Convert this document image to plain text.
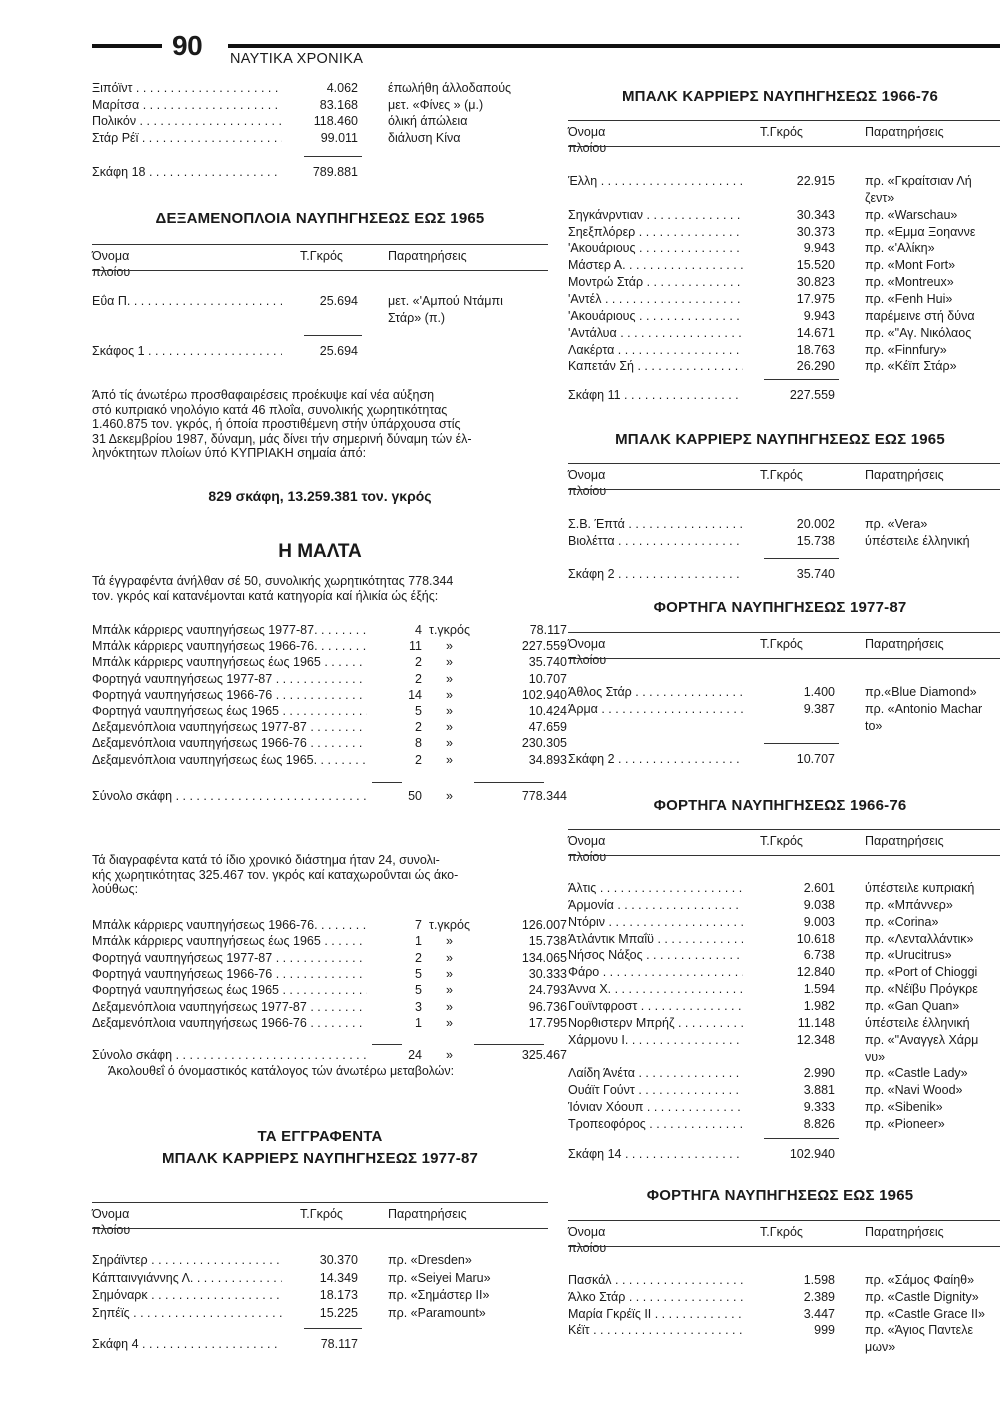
90 ΝΑΥΤΙΚΑ ΧΡΟΝΙΚΑ
Ξιπόϊντ . . .	4.062 έπωλήθη άλλοδαπούς
Μαρίτσα . . .	83.168 μετ. «Φίνες » (μ.)
Πολικόν . . .	118.460 όλική άπώλεια
Στάρ Ρέϊ . . .	99.011 διάλυση Κίνα
Σκάφη 18 . . .	789.881
ΔΕΞΑΜΕΝΟΠΛΟΙΑ ΝΑΥΠΗΓΗΣΕΩΣ ΕΩΣ 1965
Όνομα πλοίου
Τ.Γκρός	Παρατηρήσεις
Εΰα Π. . . .	25.694 μετ. «'Αμπού Ντάμπι
Στάρ» (π.)
Σκάφος 1 . . .	25.694
Άπό τίς άνωτέρω προσθαφαιρέσεις προέκυψε καί νέα αύξηση
στό κυπριακό νηολόγιο κατά 46 πλοΐα, συνολικής χωρητικότητας
1.460.875 τον. γκρός, ή όποία προστιθέμενη στήν ύπάρχουσα στίς
31 Δεκεμβρίου 1987, δύναμη, μάς δίνει τήν σημερινή δύναμη τών έλ-
ληνόκτητων πλοίων ύπό ΚΥΠΡΙΑΚΗ σημαία άπό:
829 σκάφη, 13.259.381 τον. γκρός
Η ΜΑΛΤΑ
Τά έγγραφέντα άνήλθαν σέ 50, συνολικής χωρητικότητας 778.344
τον. γκρός καί κατανέμονται κατά κατηγορία καί ήλικία ώς έξής:
Μπάλκ κάρριερς ναυπηγήσεως 1977-87. . . .	4 τ.γκρός	78.117
Μπάλκ κάρριερς ναυπηγήσεως 1966-76. . . .	11	»	227.559
Μπάλκ κάρριερς ναυπηγήσεως έως 1965 . . .	2	»	35.740
Φορτηγά ναυπηγήσεως 1977-87 . . .	2	»	10.707
Φορτηγά ναυπηγήσεως 1966-76 . . .	14	»	102.940
Φορτηγά ναυπηγήσεως έως 1965 . . .	5	»	10.424
Δεξαμενόπλοια ναυπηγήσεως 1977-87 . . .	2	»	47.659
Δεξαμενόπλοια ναυπηγήσεως 1966-76 . . .	8	»	230.305
Δεξαμενόπλοια ναυπηγήσεως έως 1965. . . .	2	»	34.893
Σύνολο σκάφη . . .	50	»	778.344
Τά διαγραφέντα κατά τό ίδιο χρονικό διάστημα ήταν 24, συνολι-
κής χωρητικότητας 325.467 τον. γκρός καί καταχωροΰνται ώς άκο-
λούθως:
Μπάλκ κάρριερς ναυπηγήσεως 1966-76. . . .	7 τ.γκρός	126.007
Μπάλκ κάρριερς ναυπηγήσεως έως 1965 . . .	1	»	15.738
Φορτηγά ναυπηγήσεως 1977-87 . . .	2	»	134.065
Φορτηγά ναυπηγήσεως 1966-76 . . .	5	»	30.333
Φορτηγά ναυπηγήσεως έως 1965 . . .	5	»	24.793
Δεξαμενόπλοια ναυπηγήσεως 1977-87 . . .	3	»	96.736
Δεξαμενόπλοια ναυπηγήσεως 1966-76 . . .	1	»	17.795
Σύνολο σκάφη . . .	24	»	325.467
Άκολουθεΐ ό όνομαστικός κατάλογος τών άνωτέρω μεταβολών:
ΤΑ ΕΓΓΡΑΦΕΝΤΑ
ΜΠΑΛΚ ΚΑΡΡΙΕΡΣ ΝΑΥΠΗΓΗΣΕΩΣ 1977-87
Όνομα πλοίου
Τ.Γκρός	Παρατηρήσεις
Σηράϊντερ . . .	30.370 πρ. «Dresden»
Κάπταινγιάννης Λ. . . .	14.349 πρ. «Seiyei Maru»
Σημόναρκ . . .	18.173 πρ. «Σημάστερ ΙΙ»
Σηπέϊς . . .	15.225 πρ. «Paramount»
Σκάφη 4 . . .	78.117
ΜΠΑΛΚ ΚΑΡΡΙΕΡΣ ΝΑΥΠΗΓΗΣΕΩΣ 1966-76
Όνομα πλοίου
Τ.Γκρός	Παρατηρήσεις
Έλλη . . .	22.915 πρ. «Γκραίτσιαν Λή
ζεντ»
Σηγκάνρντιαν . . .	30.343 πρ. «Warschau»
Σηεξπλόρερ . . .	30.373 πρ. «Εμμα Ξοηαννε
'Ακουάριους . . .	9.943 πρ. «'Αλίκη»
Μάστερ Α. . . .	15.520 πρ. «Mont Fort»
Μοντρώ Στάρ . . .	30.823 πρ. «Montreux»
'Αντέλ . . .	17.975 πρ. «Fenh Hui»
'Ακουάριους . . .	9.943 παρέμεινε στή δύνα
'Αντάλυα . . .	14.671 πρ. «"Αγ. Νικόλαος
Λακέρτα . . .	18.763 πρ. «Finnfury»
Καπετάν Σή . . .	26.290 πρ. «Κέϊπ Στάρ»
Σκάφη 11 . . .	227.559
ΜΠΑΛΚ ΚΑΡΡΙΕΡΣ ΝΑΥΠΗΓΗΣΕΩΣ ΕΩΣ 1965
Όνομα πλοίου
Τ.Γκρός	Παρατηρήσεις
Σ.Β. Έπτά . . .	20.002 πρ. «Vera»
Βιολέττα . . .	15.738 ύπέστειλε έλληνική
Σκάφη 2 . . .	35.740
ΦΟΡΤΗΓΑ ΝΑΥΠΗΓΗΣΕΩΣ 1977-87
Όνομα πλοίου
Τ.Γκρός	Παρατηρήσεις
Άθλος Στάρ . . .	1.400 πρ.«Blue Diamond»
Άρμα . . .	9.387 πρ. «Antonio Machar
to»
Σκάφη 2 . . .	10.707
ΦΟΡΤΗΓΑ ΝΑΥΠΗΓΗΣΕΩΣ 1966-76
Όνομα πλοίου
Τ.Γκρός	Παρατηρήσεις
Άλτις . . .	2.601 ύπέστειλε κυπριακή
Άρμονία . . .	9.038 πρ. «Μπάννερ»
Ντόριν . . .	9.003 πρ. «Corina»
Άτλάντικ Μπαΐϋ . . .	10.618 πρ. «Λενταλλάντικ»
Νήσος Νάξος . . .	6.738 πρ. «Urucitrus»
Φάρο . . .	12.840 πρ. «Port of Chioggi
Άννα Χ. . . .	1.594 πρ. «Νέϊβυ Πρόγκρε
Γουϊντφροστ . . .	1.982 πρ. «Gan Quan»
Νορθιστερν Μπρήζ . . .	11.148 ύπέστειλε έλληνική
Χάρμονυ Ι. . . .	12.348 πρ. «"Αναγγελ Χάρμ
νυ»
Λαίδη Άνέτα . . .	2.990 πρ. «Castle Lady»
Ουάϊτ Γούντ . . .	3.881 πρ. «Navi Wood»
Ίόνιαν Χόουπ . . .	9.333 πρ. «Sibenik»
Τροπεοφόρος . . .	8.826 πρ. «Pioneer»
Σκάφη 14 . . .	102.940
ΦΟΡΤΗΓΑ ΝΑΥΠΗΓΗΣΕΩΣ ΕΩΣ 1965
Όνομα πλοίου
Τ.Γκρός	Παρατηρήσεις
Πασκάλ . . .	1.598 πρ. «Σάμος Φαίηθ»
Άλκο Στάρ . . .	2.389 πρ. «Castle Dignity»
Μαρία Γκρέϊς ΙΙ . . .	3.447 πρ. «Castle Grace II»
Κέϊτ . . .	999 πρ. «Άγιος Παντελε
μων»
